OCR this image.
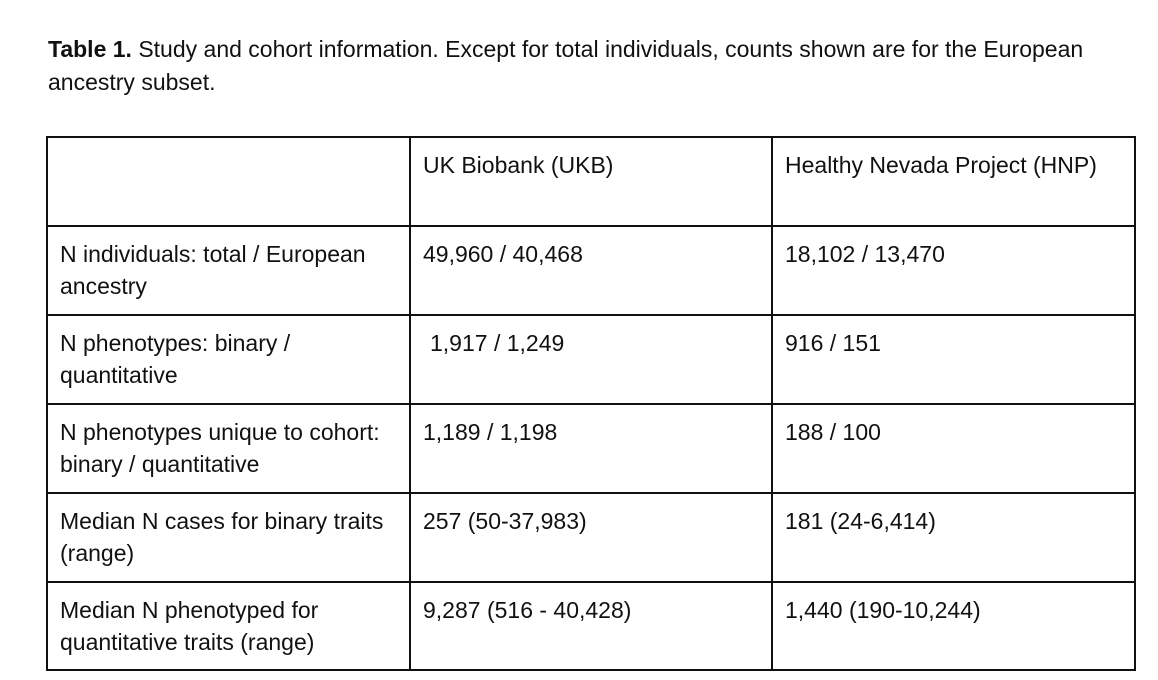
Table 1. Study and cohort information. Except for total individuals, counts shown are for the European ancestry subset.
	UK Biobank (UKB)	Healthy Nevada Project (HNP)
N individuals: total / European ancestry	49,960 / 40,468	18,102 / 13,470
N phenotypes: binary / quantitative	1,917 / 1,249	916 / 151
N phenotypes unique to cohort: binary / quantitative	1,189 / 1,198	188 / 100
Median N cases for binary traits (range)	257 (50-37,983)	181 (24-6,414)
Median N phenotyped for quantitative traits (range)	9,287 (516 - 40,428)	1,440 (190-10,244)
